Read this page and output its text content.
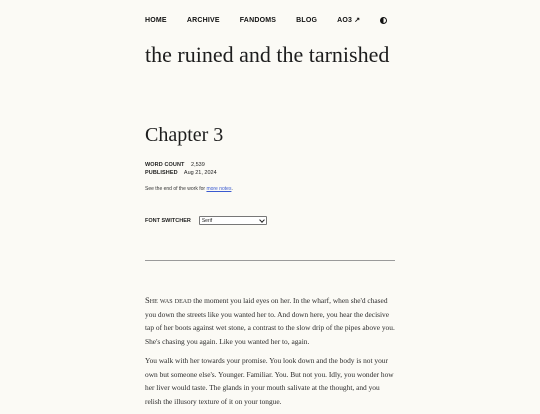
HOME	ARCHIVE	FANDOMS	BLOG	AO3 ↗
the ruined and the tarnished
Chapter 3
WORD COUNT 2,539
PUBLISHED Aug 21, 2024
See the end of the work for more notes.
FONT SWITCHER Serif

She was dead the moment you laid eyes on her. In the wharf, when she'd chased you down the streets like you wanted her to. And down here, you hear the decisive tap of her boots against wet stone, a contrast to the slow drip of the pipes above you. She's chasing you again. Like you wanted her to, again.

You walk with her towards your promise. You look down and the body is not your own but someone else's. Younger. Familiar. You. But not you. Idly, you wonder how her liver would taste. The glands in your mouth salivate at the thought, and you relish the illusory texture of it on your tongue.
